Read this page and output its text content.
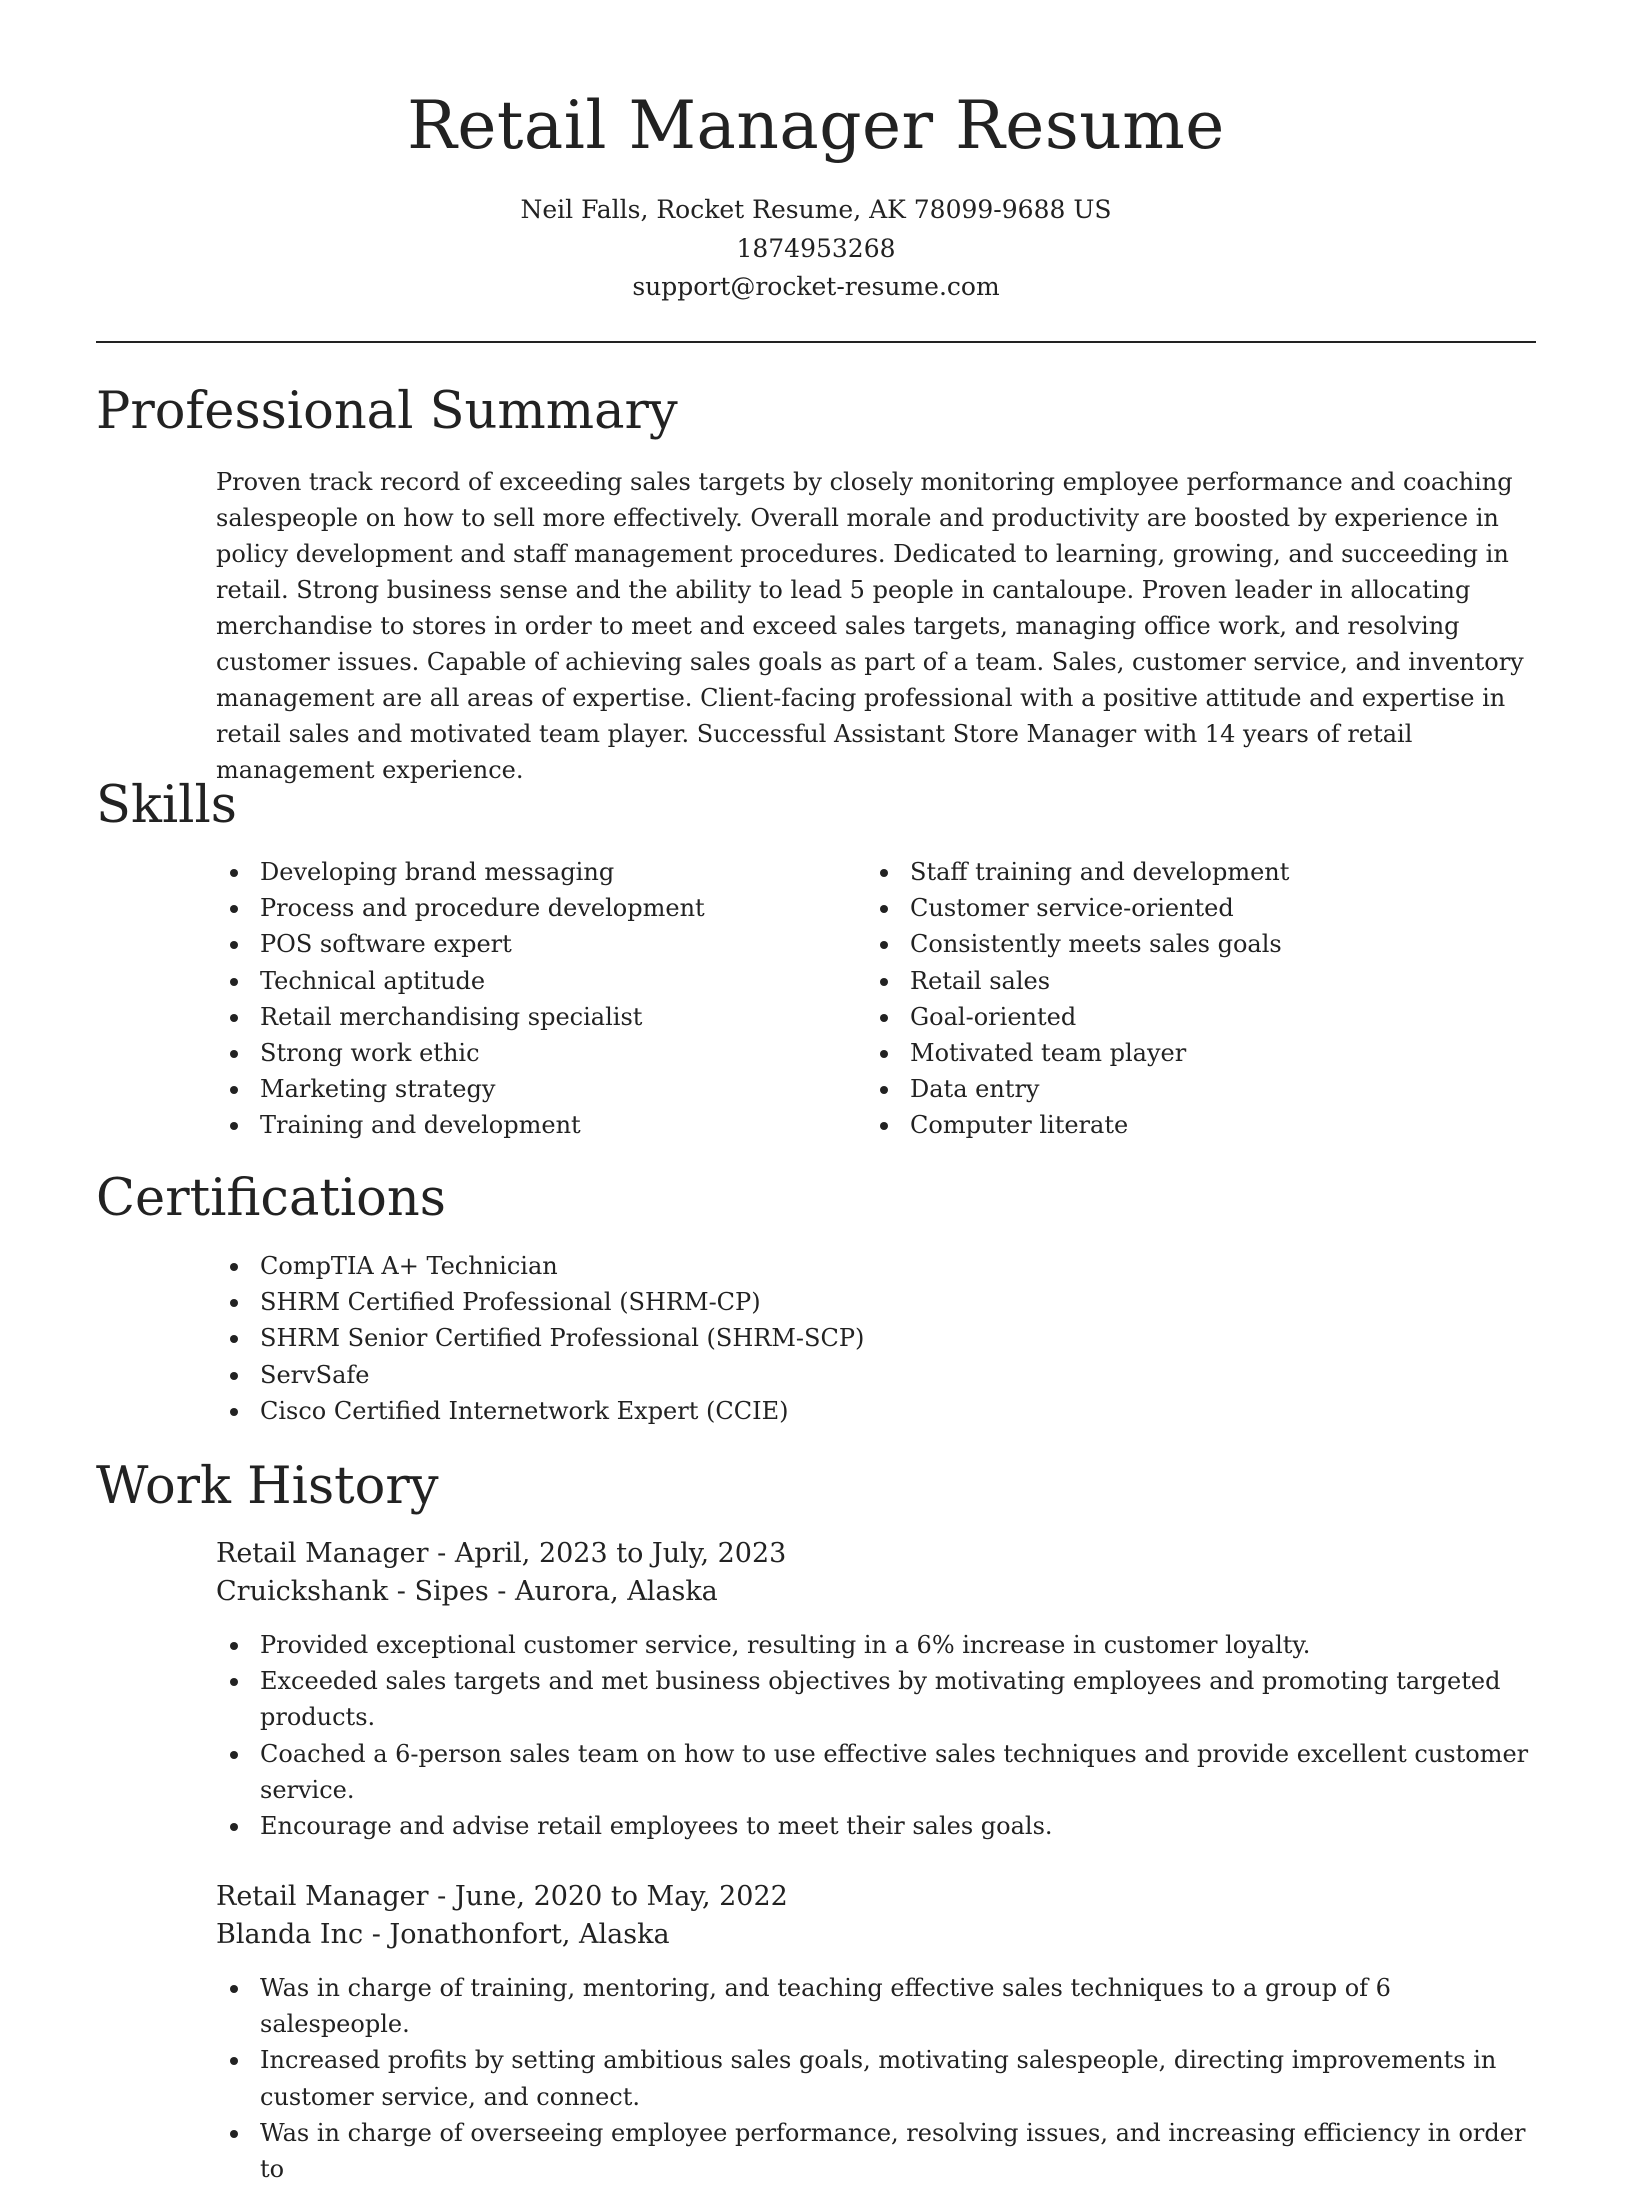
Retail Manager Resume
Neil Falls, Rocket Resume, AK 78099-9688 US
1874953268
support@rocket-resume.com
Professional Summary

Proven track record of exceeding sales targets by closely monitoring employee performance and coaching salespeople on how to sell more effectively. Overall morale and productivity are boosted by experience in policy development and staff management procedures. Dedicated to learning, growing, and succeeding in retail. Strong business sense and the ability to lead 5 people in cantaloupe. Proven leader in allocating merchandise to stores in order to meet and exceed sales targets, managing office work, and resolving customer issues. Capable of achieving sales goals as part of a team. Sales, customer service, and inventory management are all areas of expertise. Client-facing professional with a positive attitude and expertise in retail sales and motivated team player. Successful Assistant Store Manager with 14 years of retail management experience.

Skills
Developing brand messaging
Process and procedure development
POS software expert
Technical aptitude
Retail merchandising specialist
Strong work ethic
Marketing strategy
Training and development
Staff training and development
Customer service-oriented
Consistently meets sales goals
Retail sales
Goal-oriented
Motivated team player
Data entry
Computer literate
Certifications
CompTIA A+ Technician
SHRM Certified Professional (SHRM-CP)
SHRM Senior Certified Professional (SHRM-SCP)
ServSafe
Cisco Certified Internetwork Expert (CCIE)
Work History
Retail Manager - April, 2023 to July, 2023
Cruickshank - Sipes - Aurora, Alaska
Provided exceptional customer service, resulting in a 6% increase in customer loyalty.
Exceeded sales targets and met business objectives by motivating employees and promoting targeted products.
Coached a 6-person sales team on how to use effective sales techniques and provide excellent customer service.
Encourage and advise retail employees to meet their sales goals.
Retail Manager - June, 2020 to May, 2022
Blanda Inc - Jonathonfort, Alaska
Was in charge of training, mentoring, and teaching effective sales techniques to a group of 6 salespeople.
Increased profits by setting ambitious sales goals, motivating salespeople, directing improvements in customer service, and connect.
Was in charge of overseeing employee performance, resolving issues, and increasing efficiency in order to
